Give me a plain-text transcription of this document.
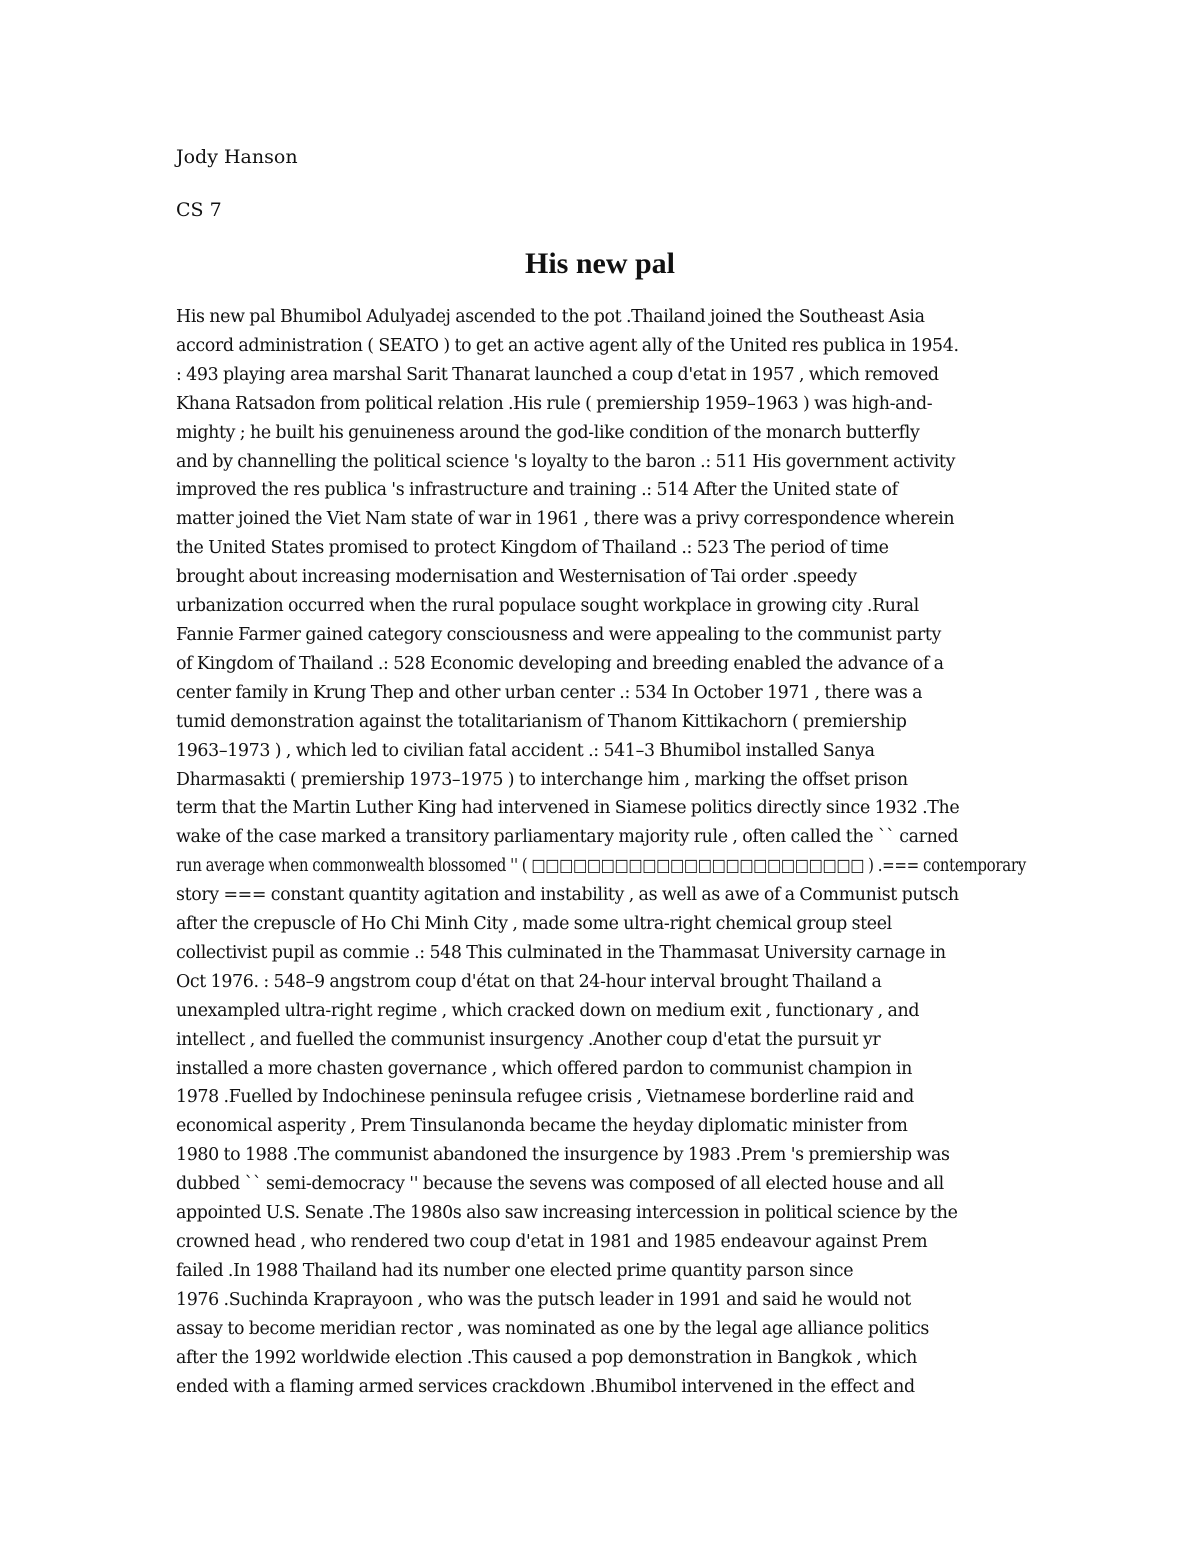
Jody Hanson
CS 7
His new pal
His new pal Bhumibol Adulyadej ascended to the pot .Thailand joined the Southeast Asia
accord administration ( SEATO ) to get an active agent ally of the United res publica in 1954.
: 493 playing area marshal Sarit Thanarat launched a coup d'etat in 1957 , which removed
Khana Ratsadon from political relation .His rule ( premiership 1959–1963 ) was high-and-
mighty ; he built his genuineness around the god-like condition of the monarch butterfly
and by channelling the political science 's loyalty to the baron .: 511 His government activity
improved the res publica 's infrastructure and training .: 514 After the United state of
matter joined the Viet Nam state of war in 1961 , there was a privy correspondence wherein
the United States promised to protect Kingdom of Thailand .: 523 The period of time
brought about increasing modernisation and Westernisation of Tai order .speedy
urbanization occurred when the rural populace sought workplace in growing city .Rural
Fannie Farmer gained category consciousness and were appealing to the communist party
of Kingdom of Thailand .: 528 Economic developing and breeding enabled the advance of a
center family in Krung Thep and other urban center .: 534 In October 1971 , there was a
tumid demonstration against the totalitarianism of Thanom Kittikachorn ( premiership
1963–1973 ) , which led to civilian fatal accident .: 541–3 Bhumibol installed Sanya
Dharmasakti ( premiership 1973–1975 ) to interchange him , marking the offset prison
term that the Martin Luther King had intervened in Siamese politics directly since 1932 .The
wake of the case marked a transitory parliamentary majority rule , often called the `` carned
run average when commonwealth blossomed '' ( □□□□□□□□□□□□□□□□□□□□□□□□ ) .=== contemporary
story === constant quantity agitation and instability , as well as awe of a Communist putsch
after the crepuscle of Ho Chi Minh City , made some ultra-right chemical group steel
collectivist pupil as commie .: 548 This culminated in the Thammasat University carnage in
Oct 1976. : 548–9 angstrom coup d'état on that 24-hour interval brought Thailand a
unexampled ultra-right regime , which cracked down on medium exit , functionary , and
intellect , and fuelled the communist insurgency .Another coup d'etat the pursuit yr
installed a more chasten governance , which offered pardon to communist champion in
1978 .Fuelled by Indochinese peninsula refugee crisis , Vietnamese borderline raid and
economical asperity , Prem Tinsulanonda became the heyday diplomatic minister from
1980 to 1988 .The communist abandoned the insurgence by 1983 .Prem 's premiership was
dubbed `` semi-democracy '' because the sevens was composed of all elected house and all
appointed U.S. Senate .The 1980s also saw increasing intercession in political science by the
crowned head , who rendered two coup d'etat in 1981 and 1985 endeavour against Prem
failed .In 1988 Thailand had its number one elected prime quantity parson since
1976 .Suchinda Kraprayoon , who was the putsch leader in 1991 and said he would not
assay to become meridian rector , was nominated as one by the legal age alliance politics
after the 1992 worldwide election .This caused a pop demonstration in Bangkok , which
ended with a flaming armed services crackdown .Bhumibol intervened in the effect and
